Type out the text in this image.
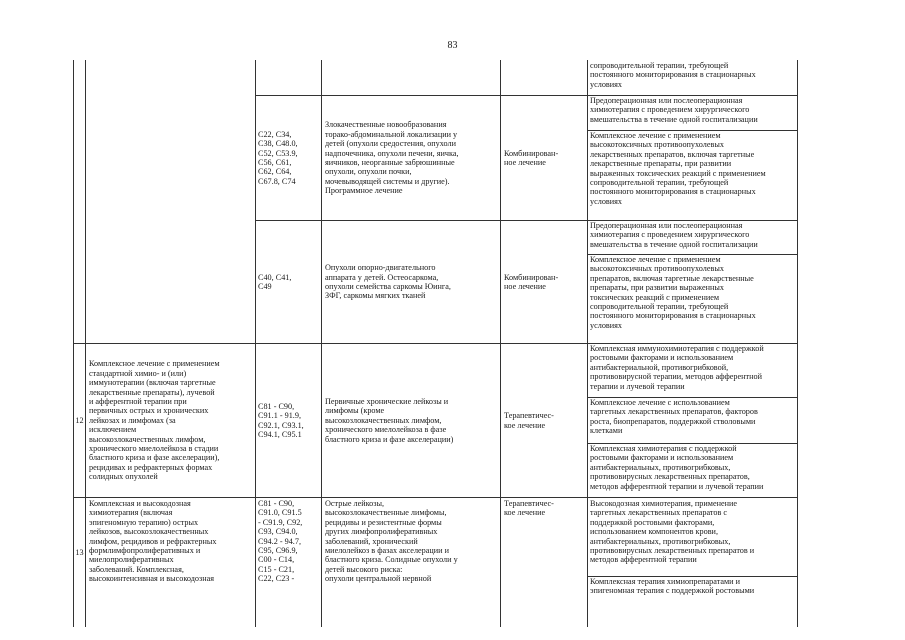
83
сопроводительной терапии, требующей
постоянного мониторирования в стационарных
условиях
C22, C34,
C38, C48.0,
C52, C53.9,
C56, C61,
C62, C64,
C67.8, C74
Злокачественные новообразования
торако-абдоминальной локализации у
детей (опухоли средостения, опухоли
надпочечника, опухоли печени, яичка,
яичников, неорганные забрюшинные
опухоли, опухоли почки,
мочевыводящей системы и другие).
Программное лечение
Комбинирован-
ное лечение
Предоперационная или послеоперационная
химиотерапия с проведением хирургического
вмешательства в течение одной госпитализации
Комплексное лечение с применением
высокотоксичных противоопухолевых
лекарственных препаратов, включая таргетные
лекарственные препараты, при развитии
выраженных токсических реакций с применением
сопроводительной терапии, требующей
постоянного мониторирования в стационарных
условиях
C40, C41,
C49
Опухоли опорно-двигательного
аппарата у детей. Остеосаркома,
опухоли семейства саркомы Юинга,
ЗФГ, саркомы мягких тканей
Комбинирован-
ное лечение
Предоперационная или послеоперационная
химиотерапия с проведением хирургического
вмешательства в течение одной госпитализации
Комплексное лечение с применением
высокотоксичных противоопухолевых
препаратов, включая таргетные лекарственные
препараты, при развитии выраженных
токсических реакций с применением
сопроводительной терапии, требующей
постоянного мониторирования в стационарных
условиях
12
Комплексное лечение с применением
стандартной химио- и (или)
иммунотерапии (включая таргетные
лекарственные препараты), лучевой
и афферентной терапии при
первичных острых и хронических
лейкозах и лимфомах (за
исключением
высокозлокачественных лимфом,
хронического миелолейкоза в стадии
бластного криза и фазе акселерации),
рецидивах и рефрактерных формах
солидных опухолей
C81 - C90,
C91.1 - 91.9,
C92.1, C93.1,
C94.1, C95.1
Первичные хронические лейкозы и
лимфомы (кроме
высокозлокачественных лимфом,
хронического миелолейкоза в фазе
бластного криза и фазе акселерации)
Терапевтичес-
кое лечение
Комплексная иммунохимиотерапия с поддержкой
ростовыми факторами и использованием
антибактериальной, противогрибковой,
противовирусной терапии, методов афферентной
терапии и лучевой терапии
Комплексное лечение с использованием
таргетных лекарственных препаратов, факторов
роста, биопрепаратов, поддержкой стволовыми
клетками
Комплексная химиотерапия с поддержкой
ростовыми факторами и использованием
антибактериальных, противогрибковых,
противовирусных лекарственных препаратов,
методов афферентной терапии и лучевой терапии
13
Комплексная и высокодозная
химиотерапия (включая
эпигеномную терапию) острых
лейкозов, высокозлокачественных
лимфом, рецидивов и рефрактерных
формлимфопролиферативных и
миелопролиферативных
заболеваний. Комплексная,
высокоинтенсивная и высокодозная
C81 - C90,
C91.0, C91.5
- C91.9, C92,
C93, C94.0,
C94.2 - 94.7,
C95, C96.9,
C00 - C14,
C15 - C21,
C22, C23 -
Острые лейкозы,
высокозлокачественные лимфомы,
рецидивы и резистентные формы
других лимфопролиферативных
заболеваний, хронический
миелолейкоз в фазах акселерации и
бластного криза. Солидные опухоли у
детей высокого риска:
опухоли центральной нервной
Терапевтичес-
кое лечение
Высокодозная химиотерапия, применение
таргетных лекарственных препаратов с
поддержкой ростовыми факторами,
использованием компонентов крови,
антибактериальных, противогрибковых,
противовирусных лекарственных препаратов и
методов афферентной терапии
Комплексная терапия химиопрепаратами и
эпигеномная терапия с поддержкой ростовыми
